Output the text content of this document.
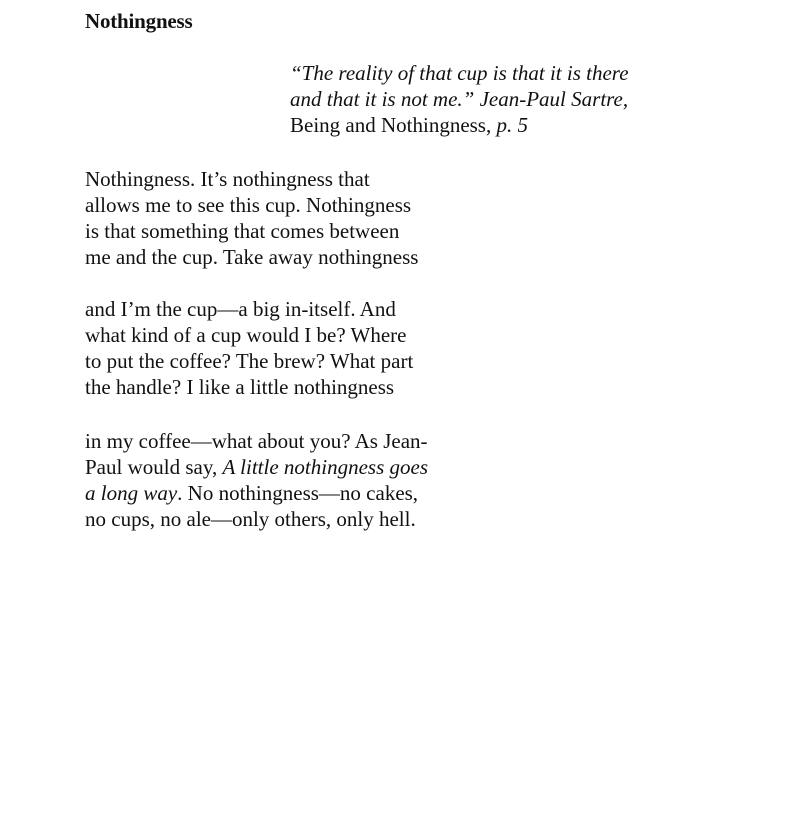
Nothingness
“The reality of that cup is that it is there
and that it is not me.” Jean-Paul Sartre,
Being and Nothingness, p. 5
Nothingness. It’s nothingness that
allows me to see this cup. Nothingness
is that something that comes between
me and the cup. Take away nothingness
and I’m the cup—a big in-itself. And
what kind of a cup would I be? Where
to put the coffee? The brew? What part
the handle? I like a little nothingness
in my coffee—what about you? As Jean-
Paul would say, A little nothingness goes
a long way. No nothingness—no cakes,
no cups, no ale—only others, only hell.
